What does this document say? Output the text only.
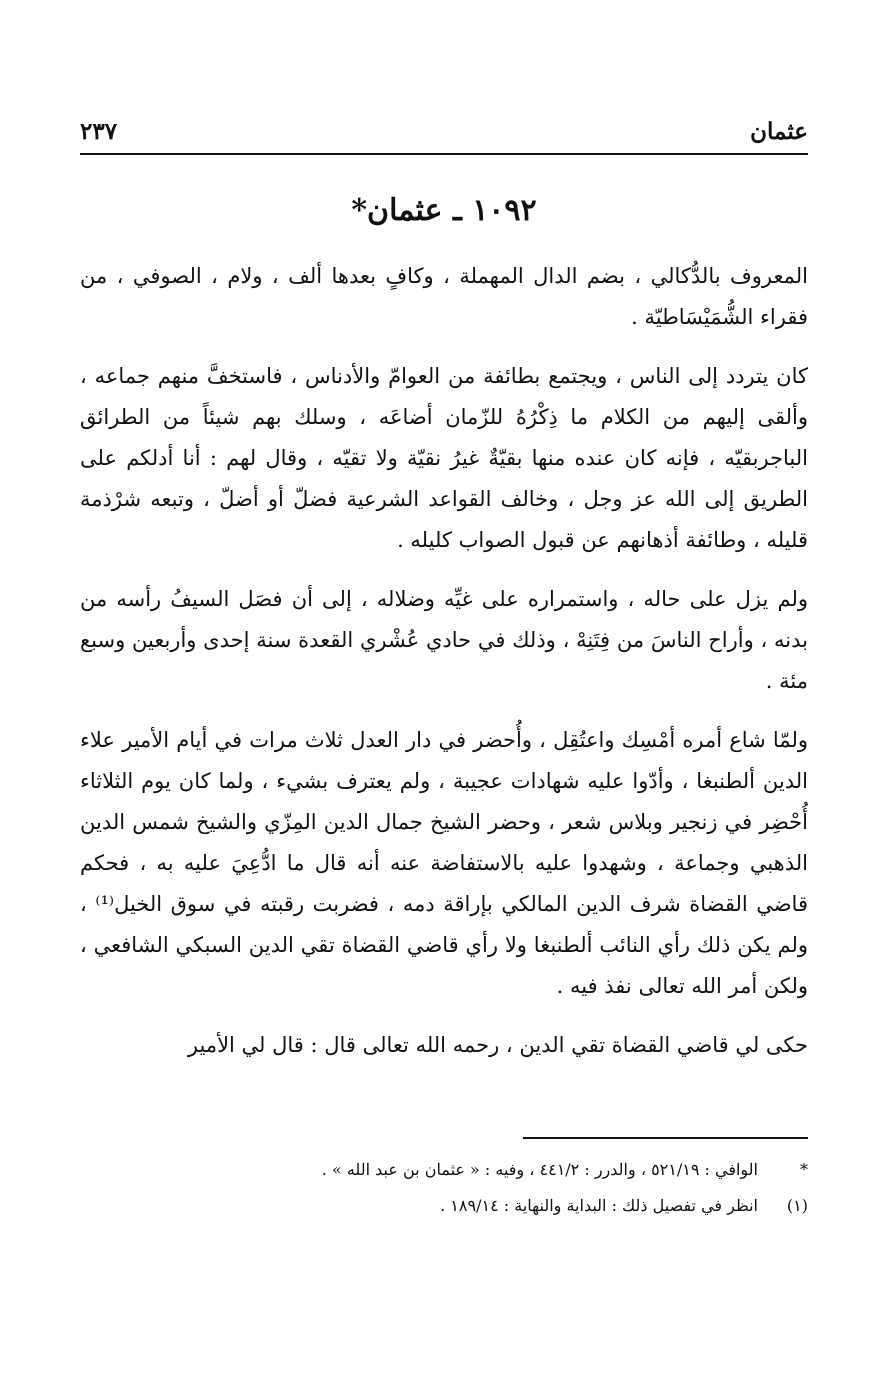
عثمان
٢٣٧
١٠٩٢ ـ عثمان*

المعروف بالدُّكالي ، بضم الدال المهملة ، وكافٍ بعدها ألف ، ولام ، الصوفي ، من فقراء الشُّمَيْسَاطيّة .

كان يتردد إلى الناس ، ويجتمع بطائفة من العوامّ والأدناس ، فاستخفَّ منهم جماعه ، وألقى إليهم من الكلام ما ذِكْرُهُ للزّمان أضاعَه ، وسلك بهم شيئاً من الطرائق الباجربقيّه ، فإنه كان عنده منها بقيّةٌ غيرُ نقيّة ولا تقيّه ، وقال لهم : أنا أدلكم على الطريق إلى الله عز وجل ، وخالف القواعد الشرعية فضلّ أو أضلّ ، وتبعه شرْذمة قليله ، وطائفة أذهانهم عن قبول الصواب كليله .

ولم يزل على حاله ، واستمراره على غيِّه وضلاله ، إلى أن فصَل السيفُ رأسه من بدنه ، وأراح الناسَ من فِتَنِهْ ، وذلك في حادي عُشْري القعدة سنة إحدى وأربعين وسبع مئة .

ولمّا شاع أمره أمْسِك واعتُقِل ، وأُحضر في دار العدل ثلاث مرات في أيام الأمير علاء الدين ألطنبغا ، وأدّوا عليه شهادات عجيبة ، ولم يعترف بشيء ، ولما كان يوم الثلاثاء أُحْضِر في زنجير وبلاس شعر ، وحضر الشيخ جمال الدين المِزّي والشيخ شمس الدين الذهبي وجماعة ، وشهدوا عليه بالاستفاضة عنه أنه قال ما ادُّعِيَ عليه به ، فحكم قاضي القضاة شرف الدين المالكي بإراقة دمه ، فضربت رقبته في سوق الخيل⁽¹⁾ ، ولم يكن ذلك رأي النائب ألطنبغا ولا رأي قاضي القضاة تقي الدين السبكي الشافعي ، ولكن أمر الله تعالى نفذ فيه .

حكى لي قاضي القضاة تقي الدين ، رحمه الله تعالى قال : قال لي الأمير

*
الوافي : ٥٢١/١٩ ، والدرر : ٤٤١/٢ ، وفيه : « عثمان بن عبد الله » .
(١)
انظر في تفصيل ذلك : البداية والنهاية : ١٨٩/١٤ .
